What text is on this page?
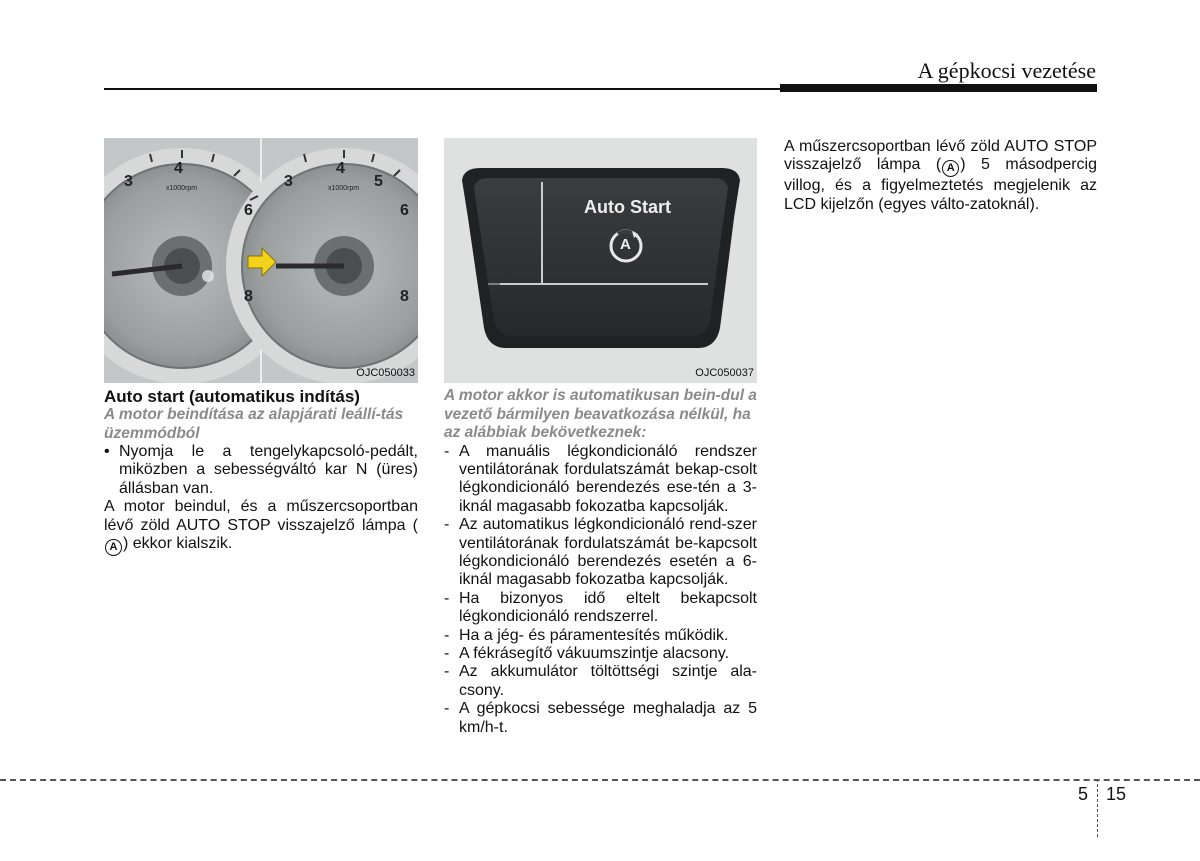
A gépkocsi vezetése
3
4
6
8
x1000rpm	3
4
5
6
8
x1000rpm
OJC050033
Auto start (automatikus indítás)
A motor beindítása az alapjárati leállí-tás üzemmódból
• Nyomja le a tengelykapcsoló-pedált, miközben a sebességváltó kar N (üres) állásban van.

A motor beindul, és a műszercsoportban lévő zöld AUTO STOP visszajelző lámpa (A ) ekkor kialszik.

Auto Start
A
OJC050037
A motor akkor is automatikusan bein-dul a vezető bármilyen beavatkozása nélkül, ha az alábbiak bekövetkeznek:
- A manuális légkondicionáló rendszer ventilátorának fordulatszámát bekap-csolt légkondicionáló berendezés ese-tén a 3-iknál magasabb fokozatba kapcsolják.
- Az automatikus légkondicionáló rend-szer ventilátorának fordulatszámát be-kapcsolt légkondicionáló berendezés esetén a 6-iknál magasabb fokozatba kapcsolják.
- Ha bizonyos idő eltelt bekapcsolt légkondicionáló rendszerrel.
- Ha a jég- és páramentesítés működik.
- A fékrásegítő vákuumszintje alacsony.
- Az akkumulátor töltöttségi szintje ala-csony.
- A gépkocsi sebessége meghaladja az 5 km/h-t.

A műszercsoportban lévő zöld AUTO STOP visszajelző lámpa ( A ) 5 másodpercig villog, és a figyelmeztetés megjelenik az LCD kijelzőn (egyes válto-zatoknál).

5 15
